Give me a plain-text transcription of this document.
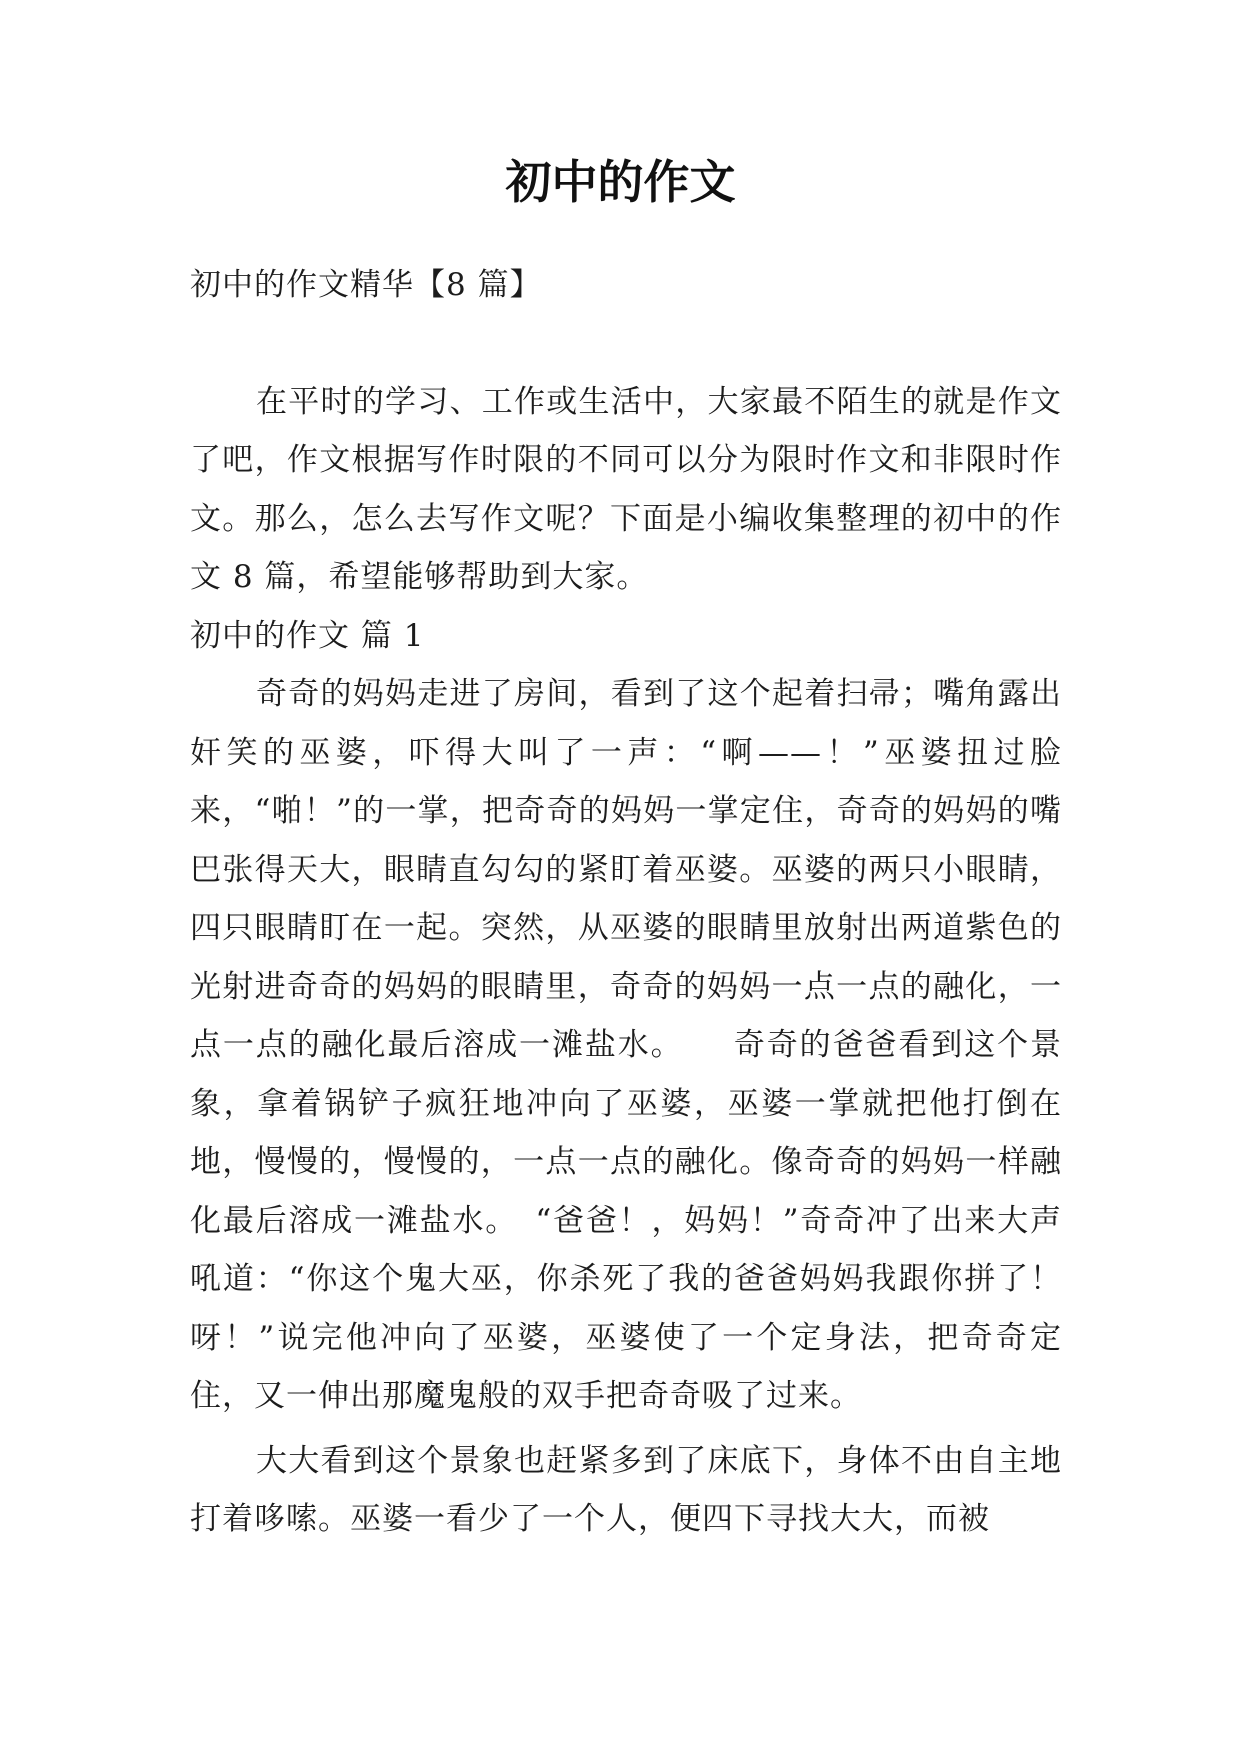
初中的作文

初中的作文精华【8 篇】

在平时的学习、工作或生活中，大家最不陌生的就是作文了吧，作文根据写作时限的不同可以分为限时作文和非限时作文。那么，怎么去写作文呢？下面是小编收集整理的初中的作文 8 篇，希望能够帮助到大家。

初中的作文 篇 1

奇奇的妈妈走进了房间，看到了这个起着扫帚；嘴角露出奸笑的巫婆，吓得大叫了一声：“啊——！”巫婆扭过脸来，“啪！”的一掌，把奇奇的妈妈一掌定住，奇奇的妈妈的嘴巴张得天大，眼睛直勾勾的紧盯着巫婆。巫婆的两只小眼睛，四只眼睛盯在一起。突然，从巫婆的眼睛里放射出两道紫色的光射进奇奇的妈妈的眼睛里，奇奇的妈妈一点一点的融化，一点一点的融化最后溶成一滩盐水。　　奇奇的爸爸看到这个景象，拿着锅铲子疯狂地冲向了巫婆，巫婆一掌就把他打倒在地，慢慢的，慢慢的，一点一点的融化。像奇奇的妈妈一样融化最后溶成一滩盐水。　“爸爸！，妈妈！”奇奇冲了出来大声吼道：“你这个鬼大巫，你杀死了我的爸爸妈妈我跟你拼了！呀！”说完他冲向了巫婆，巫婆使了一个定身法，把奇奇定住，又一伸出那魔鬼般的双手把奇奇吸了过来。

大大看到这个景象也赶紧多到了床底下，身体不由自主地打着哆嗦。巫婆一看少了一个人，便四下寻找大大，而被
